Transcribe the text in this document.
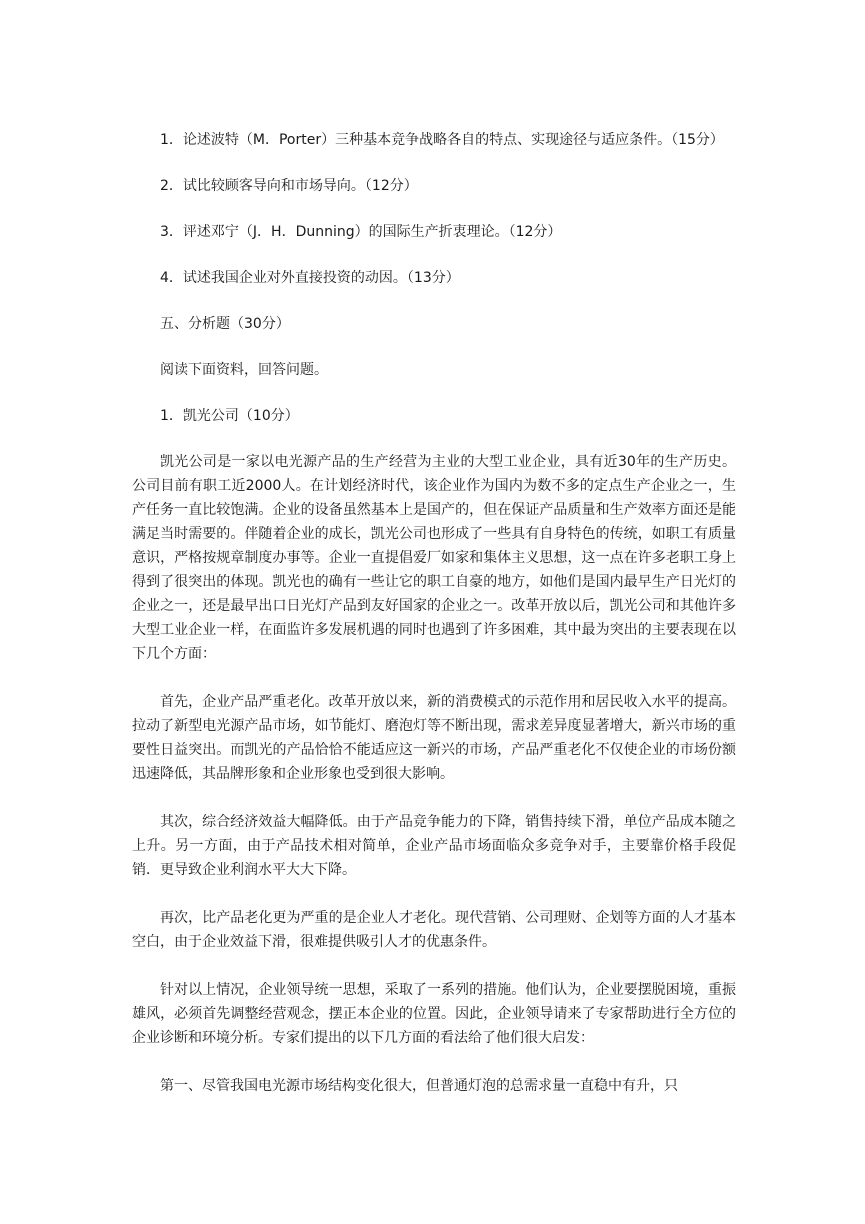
1．论述波特（M．Porter）三种基本竞争战略各自的特点、实现途径与适应条件。（15分）

2．试比较顾客导向和市场导向。（12分）

3．评述邓宁（J．H．Dunning）的国际生产折衷理论。（12分）

4．试述我国企业对外直接投资的动因。（13分）

五、分析题（30分）

阅读下面资料，回答问题。

1．凯光公司（10分）

凯光公司是一家以电光源产品的生产经营为主业的大型工业企业，具有近30年的生产历史。公司目前有职工近2000人。在计划经济时代，该企业作为国内为数不多的定点生产企业之一，生产任务一直比较饱满。企业的设备虽然基本上是国产的，但在保证产品质量和生产效率方面还是能满足当时需要的。伴随着企业的成长，凯光公司也形成了一些具有自身特色的传统，如职工有质量意识，严格按规章制度办事等。企业一直提倡爱厂如家和集体主义思想，这一点在许多老职工身上得到了很突出的体现。凯光也的确有一些让它的职工自豪的地方，如他们是国内最早生产日光灯的企业之一，还是最早出口日光灯产品到友好国家的企业之一。改革开放以后，凯光公司和其他许多大型工业企业一样，在面监许多发展机遇的同时也遇到了许多困难，其中最为突出的主要表现在以下几个方面：

首先，企业产品严重老化。改革开放以来，新的消费模式的示范作用和居民收入水平的提高。拉动了新型电光源产品市场，如节能灯、磨泡灯等不断出现，需求差异度显著增大，新兴市场的重要性日益突出。而凯光的产品恰恰不能适应这一新兴的市场，产品严重老化不仅使企业的市场份额迅速降低，其品牌形象和企业形象也受到很大影响。

其次，综合经济效益大幅降低。由于产品竞争能力的下降，销售持续下滑，单位产品成本随之上升。另一方面，由于产品技术相对简单，企业产品市场面临众多竞争对手，主要靠价格手段促销．更导致企业利润水平大大下降。

再次，比产品老化更为严重的是企业人才老化。现代营销、公司理财、企划等方面的人才基本空白，由于企业效益下滑，很难提供吸引人才的优惠条件。

针对以上情况，企业领导统一思想，采取了一系列的措施。他们认为，企业要摆脱困境，重振雄风，必须首先调整经营观念，摆正本企业的位置。因此，企业领导请来了专家帮助进行全方位的企业诊断和环境分析。专家们提出的以下几方面的看法给了他们很大启发：

第一、尽管我国电光源市场结构变化很大，但普通灯泡的总需求量一直稳中有升，只
